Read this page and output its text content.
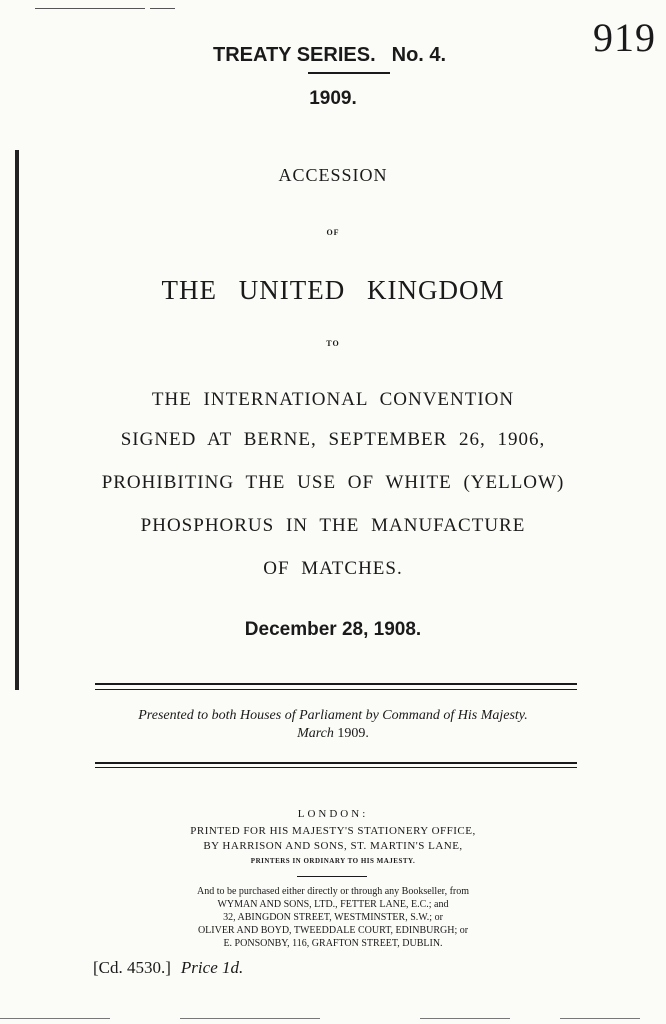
919
TREATY SERIES. No. 4.
1909.
ACCESSION
OF
THE UNITED KINGDOM
TO
THE INTERNATIONAL CONVENTION
SIGNED AT BERNE, SEPTEMBER 26, 1906,
PROHIBITING THE USE OF WHITE (YELLOW)
PHOSPHORUS IN THE MANUFACTURE
OF MATCHES.
December 28, 1908.
Presented to both Houses of Parliament by Command of His Majesty.
March 1909.
LONDON:
PRINTED FOR HIS MAJESTY'S STATIONERY OFFICE,
BY HARRISON AND SONS, ST. MARTIN'S LANE,
PRINTERS IN ORDINARY TO HIS MAJESTY.
And to be purchased either directly or through any Bookseller, from
WYMAN AND SONS, LTD., FETTER LANE, E.C.; and
32, ABINGDON STREET, WESTMINSTER, S.W.; or
OLIVER AND BOYD, TWEEDDALE COURT, EDINBURGH; or
E. PONSONBY, 116, GRAFTON STREET, DUBLIN.
[Cd. 4530.] Price 1d.
